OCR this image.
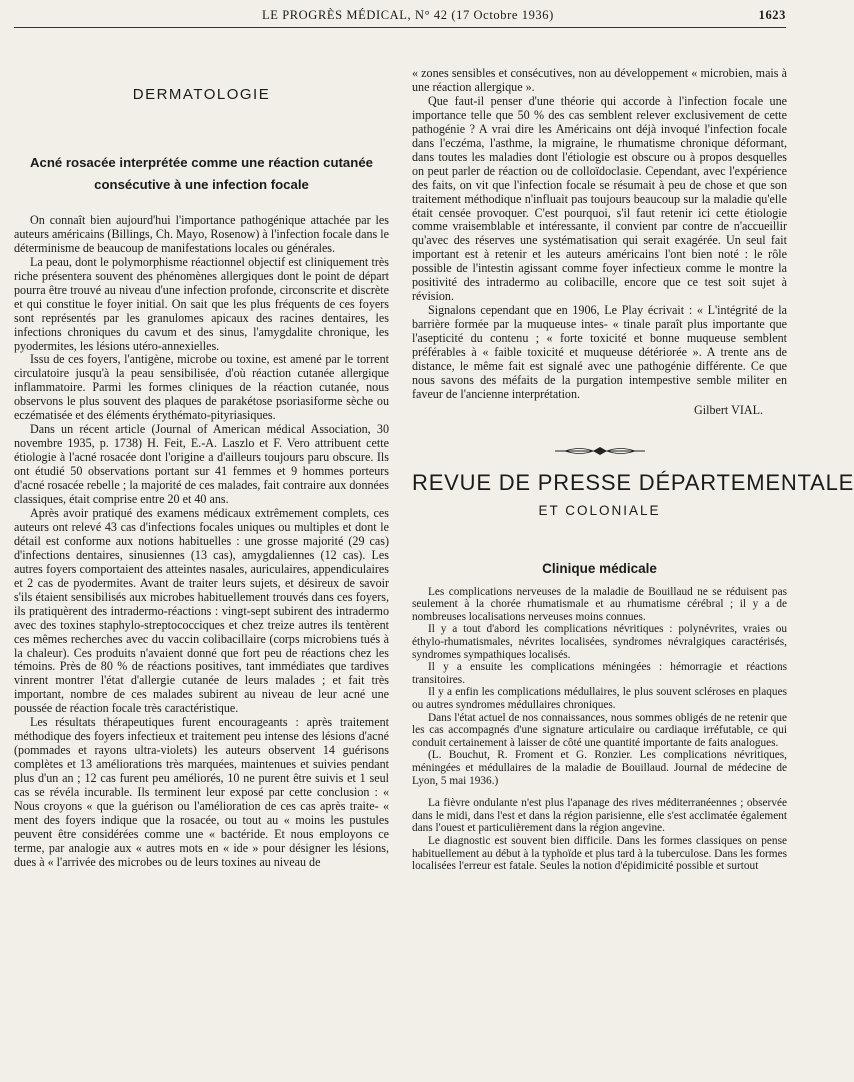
LE PROGRÈS MÉDICAL, N° 42 (17 Octobre 1936)	1623
DERMATOLOGIE
Acné rosacée interprétée comme une réaction cutanée
consécutive à une infection focale

On connaît bien aujourd'hui l'importance pathogénique attachée par les auteurs américains (Billings, Ch. Mayo, Rosenow) à l'infection focale dans le déterminisme de beaucoup de manifestations locales ou générales.

La peau, dont le polymorphisme réactionnel objectif est cliniquement très riche présentera souvent des phénomènes allergiques dont le point de départ pourra être trouvé au niveau d'une infection profonde, circonscrite et discrète et qui constitue le foyer initial. On sait que les plus fréquents de ces foyers sont représentés par les granulomes apicaux des racines dentaires, les infections chroniques du cavum et des sinus, l'amygdalite chronique, les pyodermites, les lésions utéro-annexielles.

Issu de ces foyers, l'antigène, microbe ou toxine, est amené par le torrent circulatoire jusqu'à la peau sensibilisée, d'où réaction cutanée allergique inflammatoire. Parmi les formes cliniques de la réaction cutanée, nous observons le plus souvent des plaques de parakétose psoriasiforme sèche ou eczématisée et des éléments érythémato-pityriasiques.

Dans un récent article (Journal of American médical Association, 30 novembre 1935, p. 1738) H. Feit, E.-A. Laszlo et F. Vero attribuent cette étiologie à l'acné rosacée dont l'origine a d'ailleurs toujours paru obscure. Ils ont étudié 50 observations portant sur 41 femmes et 9 hommes porteurs d'acné rosacée rebelle ; la majorité de ces malades, fait contraire aux données classiques, était comprise entre 20 et 40 ans.

Après avoir pratiqué des examens médicaux extrêmement complets, ces auteurs ont relevé 43 cas d'infections focales uniques ou multiples et dont le détail est conforme aux notions habituelles : une grosse majorité (29 cas) d'infections dentaires, sinusiennes (13 cas), amygdaliennes (12 cas). Les autres foyers comportaient des atteintes nasales, auriculaires, appendiculaires et 2 cas de pyodermites. Avant de traiter leurs sujets, et désireux de savoir s'ils étaient sensibilisés aux microbes habituellement trouvés dans ces foyers, ils pratiquèrent des intradermo-réactions : vingt-sept subirent des intradermo avec des toxines staphylo-streptococciques et chez treize autres ils tentèrent ces mêmes recherches avec du vaccin colibacillaire (corps microbiens tués à la chaleur). Ces produits n'avaient donné que fort peu de réactions chez les témoins. Près de 80 % de réactions positives, tant immédiates que tardives vinrent montrer l'état d'allergie cutanée de leurs malades ; et fait très important, nombre de ces malades subirent au niveau de leur acné une poussée de réaction focale très caractéristique.

Les résultats thérapeutiques furent encourageants : après traitement méthodique des foyers infectieux et traitement peu intense des lésions d'acné (pommades et rayons ultra-violets) les auteurs observent 14 guérisons complètes et 13 améliorations très marquées, maintenues et suivies pendant plus d'un an ; 12 cas furent peu améliorés, 10 ne purent être suivis et 1 seul cas se révéla incurable. Ils terminent leur exposé par cette conclusion : « Nous croyons « que la guérison ou l'amélioration de ces cas après traite- « ment des foyers indique que la rosacée, ou tout au « moins les pustules peuvent être considérées comme une « bactéride. Et nous employons ce terme, par analogie aux « autres mots en « ide » pour désigner les lésions, dues à « l'arrivée des microbes ou de leurs toxines au niveau de

« zones sensibles et consécutives, non au développement « microbien, mais à une réaction allergique ».

Que faut-il penser d'une théorie qui accorde à l'infection focale une importance telle que 50 % des cas semblent relever exclusivement de cette pathogénie ? A vrai dire les Américains ont déjà invoqué l'infection focale dans l'eczéma, l'asthme, la migraine, le rhumatisme chronique déformant, dans toutes les maladies dont l'étiologie est obscure ou à propos desquelles on peut parler de réaction ou de colloïdoclasie. Cependant, avec l'expérience des faits, on vit que l'infection focale se résumait à peu de chose et que son traitement méthodique n'influait pas toujours beaucoup sur la maladie qu'elle était censée provoquer. C'est pourquoi, s'il faut retenir ici cette étiologie comme vraisemblable et intéressante, il convient par contre de n'accueillir qu'avec des réserves une systématisation qui serait exagérée. Un seul fait important est à retenir et les auteurs américains l'ont bien noté : le rôle possible de l'intestin agissant comme foyer infectieux comme le montre la positivité des intradermo au colibacille, encore que ce test soit sujet à révision.

Signalons cependant que en 1906, Le Play écrivait : « L'intégrité de la barrière formée par la muqueuse intes- « tinale paraît plus importante que l'asepticité du contenu ; « forte toxicité et bonne muqueuse semblent préférables à « faible toxicité et muqueuse détériorée ». A trente ans de distance, le même fait est signalé avec une pathogénie différente. Ce que nous savons des méfaits de la purgation intempestive semble militer en faveur de l'ancienne interprétation.

Gilbert VIAL.
REVUE DE PRESSE DÉPARTEMENTALE
ET COLONIALE
Clinique médicale

Les complications nerveuses de la maladie de Bouillaud ne se réduisent pas seulement à la chorée rhumatismale et au rhumatisme cérébral ; il y a de nombreuses localisations nerveuses moins connues.

Il y a tout d'abord les complications névritiques : polynévrites, vraies ou éthylo-rhumatismales, névrites localisées, syndromes névralgiques caractérisés, syndromes sympathiques localisés.

Il y a ensuite les complications méningées : hémorragie et réactions transitoires.

Il y a enfin les complications médullaires, le plus souvent scléroses en plaques ou autres syndromes médullaires chroniques.

Dans l'état actuel de nos connaissances, nous sommes obligés de ne retenir que les cas accompagnés d'une signature articulaire ou cardiaque irréfutable, ce qui conduit certainement à laisser de côté une quantité importante de faits analogues.

(L. Bouchut, R. Froment et G. Ronzier. Les complications névritiques, méningées et médullaires de la maladie de Bouillaud. Journal de médecine de Lyon, 5 mai 1936.)

La fièvre ondulante n'est plus l'apanage des rives méditerranéennes ; observée dans le midi, dans l'est et dans la région parisienne, elle s'est acclimatée également dans l'ouest et particulièrement dans la région angevine.

Le diagnostic est souvent bien difficile. Dans les formes classiques on pense habituellement au début à la typhoïde et plus tard à la tuberculose. Dans les formes localisées l'erreur est fatale. Seules la notion d'épidimicité possible et surtout
